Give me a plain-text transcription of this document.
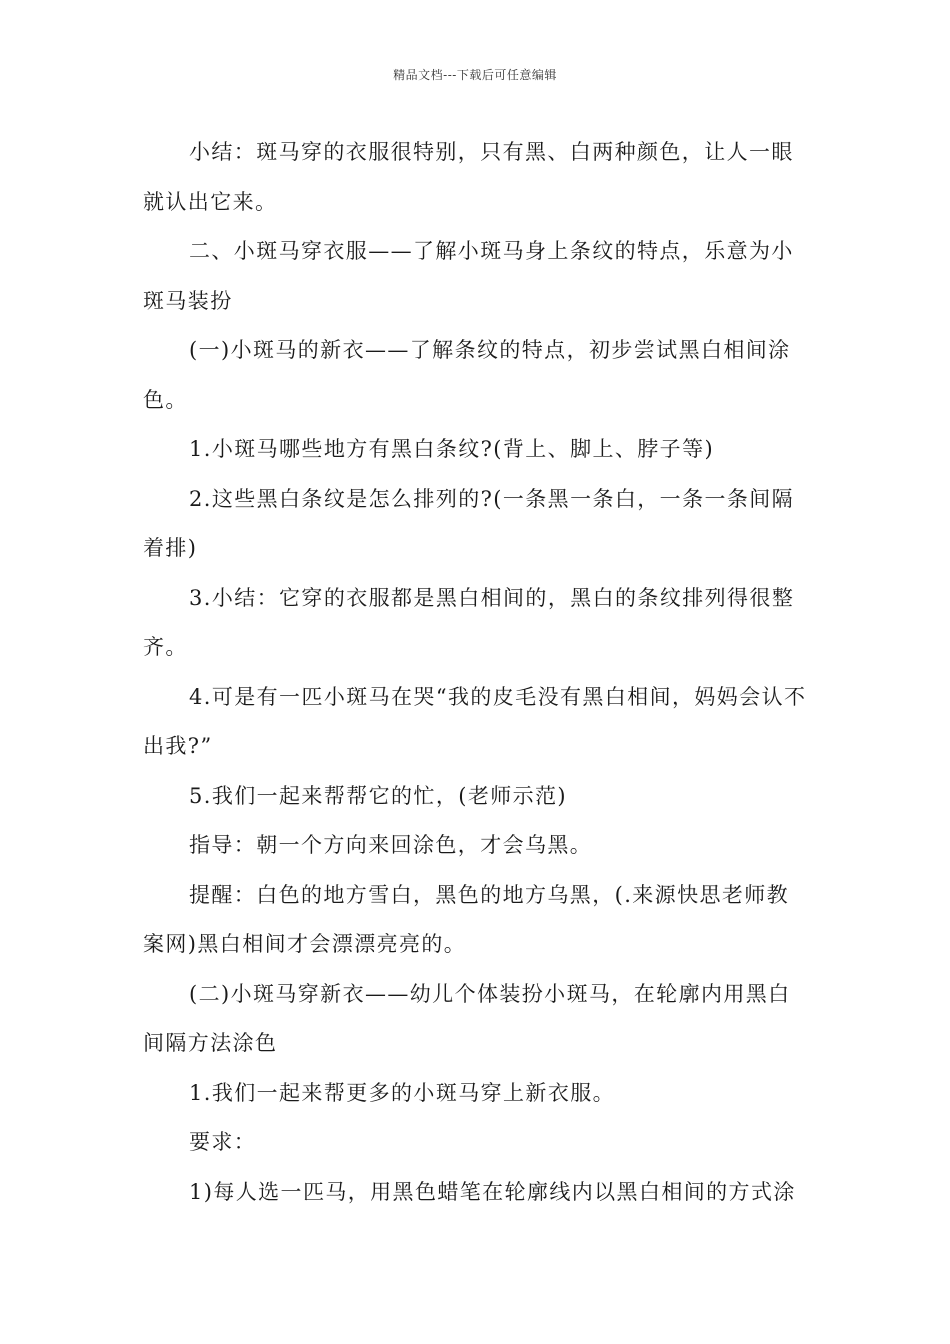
精品文档---下载后可任意编辑

小结：斑马穿的衣服很特别，只有黑、白两种颜色，让人一眼就认出它来。

二、小斑马穿衣服——了解小斑马身上条纹的特点，乐意为小斑马装扮

(一)小斑马的新衣——了解条纹的特点，初步尝试黑白相间涂色。

1.小斑马哪些地方有黑白条纹?(背上、脚上、脖子等)

2.这些黑白条纹是怎么排列的?(一条黑一条白，一条一条间隔着排)

3.小结：它穿的衣服都是黑白相间的，黑白的条纹排列得很整齐。

4.可是有一匹小斑马在哭“我的皮毛没有黑白相间，妈妈会认不出我?”

5.我们一起来帮帮它的忙，(老师示范)

指导：朝一个方向来回涂色，才会乌黑。

提醒：白色的地方雪白，黑色的地方乌黑，(.来源快思老师教案网)黑白相间才会漂漂亮亮的。

(二)小斑马穿新衣——幼儿个体装扮小斑马，在轮廓内用黑白间隔方法涂色

1.我们一起来帮更多的小斑马穿上新衣服。

要求：

1)每人选一匹马，用黑色蜡笔在轮廓线内以黑白相间的方式涂
